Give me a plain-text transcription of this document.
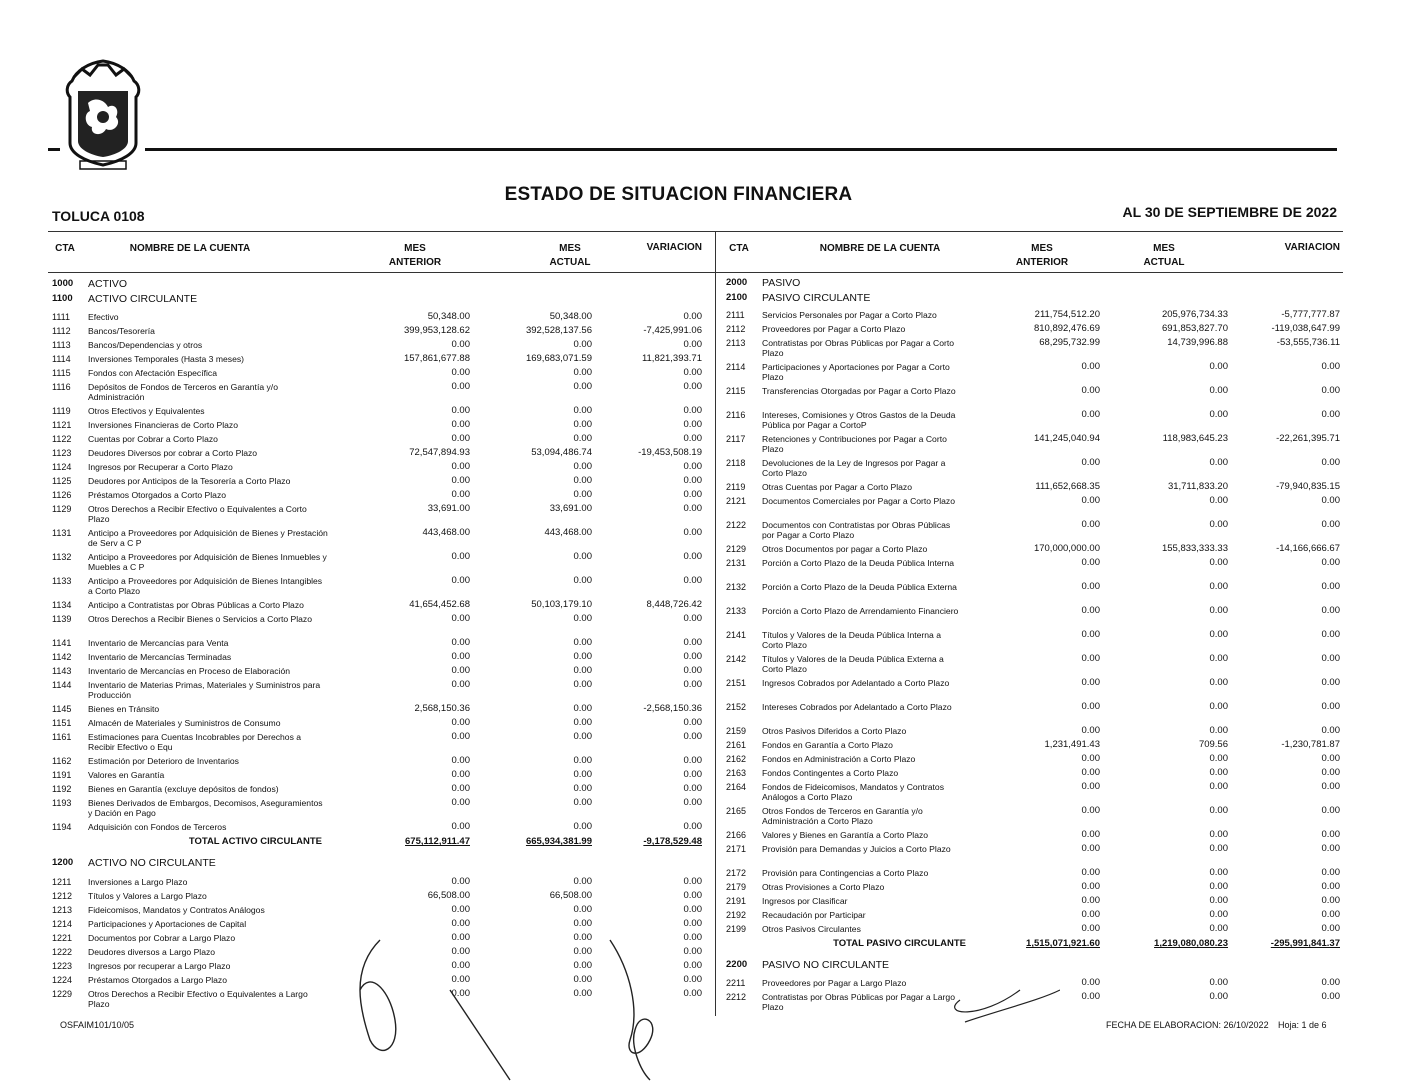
ESTADO DE SITUACION FINANCIERA
TOLUCA 0108	AL 30 DE SEPTIEMBRE DE 2022
CTA	NOMBRE DE LA CUENTA	MES
ANTERIOR
MES
ACTUAL
VARIACION	CTA	NOMBRE DE LA CUENTA	MES
ANTERIOR
MES
ACTUAL
VARIACION
1000	ACTIVO
1100	ACTIVO CIRCULANTE
1111	Efectivo	50,348.00	50,348.00	0.00
1112	Bancos/Tesorería	399,953,128.62	392,528,137.56	-7,425,991.06
1113	Bancos/Dependencias y otros	0.00	0.00	0.00
1114	Inversiones Temporales (Hasta 3 meses)	157,861,677.88	169,683,071.59	11,821,393.71
1115	Fondos con Afectación Específica	0.00	0.00	0.00
1116	Depósitos de Fondos de Terceros en Garantía y/o Administración
0.00	0.00	0.00
1119	Otros Efectivos y Equivalentes	0.00	0.00	0.00
1121	Inversiones Financieras de Corto Plazo	0.00	0.00	0.00
1122	Cuentas por Cobrar a Corto Plazo	0.00	0.00	0.00
1123	Deudores Diversos por cobrar a Corto Plazo	72,547,894.93	53,094,486.74	-19,453,508.19
1124	Ingresos por Recuperar a Corto Plazo	0.00	0.00	0.00
1125	Deudores por Anticipos de la Tesorería a Corto Plazo	0.00	0.00	0.00
1126	Préstamos Otorgados a Corto Plazo	0.00	0.00	0.00
1129	Otros Derechos a Recibir Efectivo o Equivalentes a Corto Plazo
33,691.00	33,691.00	0.00
1131	Anticipo a Proveedores por Adquisición de Bienes y Prestación de Serv a C P
443,468.00	443,468.00	0.00
1132	Anticipo a Proveedores por Adquisición de Bienes Inmuebles y Muebles a C P
0.00	0.00	0.00
1133	Anticipo a Proveedores por Adquisición de Bienes Intangibles a Corto Plazo
0.00	0.00	0.00
1134	Anticipo a Contratistas por Obras Públicas a Corto Plazo	41,654,452.68	50,103,179.10	8,448,726.42
1139	Otros Derechos a Recibir Bienes o Servicios a Corto Plazo	0.00	0.00	0.00
1141	Inventario de Mercancías para Venta	0.00	0.00	0.00
1142	Inventario de Mercancías Terminadas	0.00	0.00	0.00
1143	Inventario de Mercancías en Proceso de Elaboración	0.00	0.00	0.00
1144	Inventario de Materias Primas, Materiales y Suministros para Producción
0.00	0.00	0.00
1145	Bienes en Tránsito	2,568,150.36	0.00	-2,568,150.36
1151	Almacén de Materiales y Suministros de Consumo	0.00	0.00	0.00
1161	Estimaciones para Cuentas Incobrables por Derechos a Recibir Efectivo o Equ
0.00	0.00	0.00
1162	Estimación por Deterioro de Inventarios	0.00	0.00	0.00
1191	Valores en Garantía	0.00	0.00	0.00
1192	Bienes en Garantía (excluye depósitos de fondos)	0.00	0.00	0.00
1193	Bienes Derivados de Embargos, Decomisos, Aseguramientos y Dación en Pago
0.00	0.00	0.00
1194	Adquisición con Fondos de Terceros	0.00	0.00	0.00
TOTAL ACTIVO CIRCULANTE	675,112,911.47	665,934,381.99	-9,178,529.48
1200	ACTIVO NO CIRCULANTE
1211	Inversiones a Largo Plazo	0.00	0.00	0.00
1212	Títulos y Valores a Largo Plazo	66,508.00	66,508.00	0.00
1213	Fideicomisos, Mandatos y Contratos Análogos	0.00	0.00	0.00
1214	Participaciones y Aportaciones de Capital	0.00	0.00	0.00
1221	Documentos por Cobrar a Largo Plazo	0.00	0.00	0.00
1222	Deudores diversos a Largo Plazo	0.00	0.00	0.00
1223	Ingresos por recuperar a Largo Plazo	0.00	0.00	0.00
1224	Préstamos Otorgados a Largo Plazo	0.00	0.00	0.00
1229	Otros Derechos a Recibir Efectivo o Equivalentes a Largo Plazo
0.00	0.00	0.00
2000	PASIVO
2100	PASIVO CIRCULANTE
2111	Servicios Personales por Pagar a Corto Plazo	211,754,512.20	205,976,734.33	-5,777,777.87
2112	Proveedores por Pagar a Corto Plazo	810,892,476.69	691,853,827.70	-119,038,647.99
2113	Contratistas por Obras Públicas por Pagar a Corto Plazo
68,295,732.99	14,739,996.88	-53,555,736.11
2114	Participaciones y Aportaciones por Pagar a Corto Plazo
0.00	0.00	0.00
2115	Transferencias Otorgadas por Pagar a Corto Plazo	0.00	0.00	0.00
2116	Intereses, Comisiones y Otros Gastos de la Deuda Pública por Pagar a CortoP
0.00	0.00	0.00
2117	Retenciones y Contribuciones por Pagar a Corto Plazo
141,245,040.94	118,983,645.23	-22,261,395.71
2118	Devoluciones de la Ley de Ingresos por Pagar a Corto Plazo
0.00	0.00	0.00
2119	Otras Cuentas por Pagar a Corto Plazo	111,652,668.35	31,711,833.20	-79,940,835.15
2121	Documentos Comerciales por Pagar a Corto Plazo	0.00	0.00	0.00
2122	Documentos con Contratistas por Obras Públicas por Pagar a Corto Plazo
0.00	0.00	0.00
2129	Otros Documentos por pagar a Corto Plazo	170,000,000.00	155,833,333.33	-14,166,666.67
2131	Porción a Corto Plazo de la Deuda Pública Interna	0.00	0.00	0.00
2132	Porción a Corto Plazo de la Deuda Pública Externa	0.00	0.00	0.00
2133	Porción a Corto Plazo de Arrendamiento Financiero	0.00	0.00	0.00
2141	Títulos y Valores de la Deuda Pública Interna a Corto Plazo
0.00	0.00	0.00
2142	Títulos y Valores de la Deuda Pública Externa a Corto Plazo
0.00	0.00	0.00
2151	Ingresos Cobrados por Adelantado a Corto Plazo	0.00	0.00	0.00
2152	Intereses Cobrados por Adelantado a Corto Plazo	0.00	0.00	0.00
2159	Otros Pasivos Diferidos a Corto Plazo	0.00	0.00	0.00
2161	Fondos en Garantía a Corto Plazo	1,231,491.43	709.56	-1,230,781.87
2162	Fondos en Administración a Corto Plazo	0.00	0.00	0.00
2163	Fondos Contingentes a Corto Plazo	0.00	0.00	0.00
2164	Fondos de Fideicomisos, Mandatos y Contratos Análogos a Corto Plazo
0.00	0.00	0.00
2165	Otros Fondos de Terceros en Garantía y/o Administración a Corto Plazo
0.00	0.00	0.00
2166	Valores y Bienes en Garantía a Corto Plazo	0.00	0.00	0.00
2171	Provisión para Demandas y Juicios a Corto Plazo	0.00	0.00	0.00
2172	Provisión para Contingencias a Corto Plazo	0.00	0.00	0.00
2179	Otras Provisiones a Corto Plazo	0.00	0.00	0.00
2191	Ingresos por Clasificar	0.00	0.00	0.00
2192	Recaudación por Participar	0.00	0.00	0.00
2199	Otros Pasivos Circulantes	0.00	0.00	0.00
TOTAL PASIVO CIRCULANTE	1,515,071,921.60	1,219,080,080.23	-295,991,841.37
2200	PASIVO NO CIRCULANTE
2211	Proveedores por Pagar a Largo Plazo	0.00	0.00	0.00
2212	Contratistas por Obras Públicas por Pagar a Largo Plazo
0.00	0.00	0.00
OSFAIM101/10/05	FECHA DE ELABORACION: 26/10/2022 Hoja: 1 de 6
